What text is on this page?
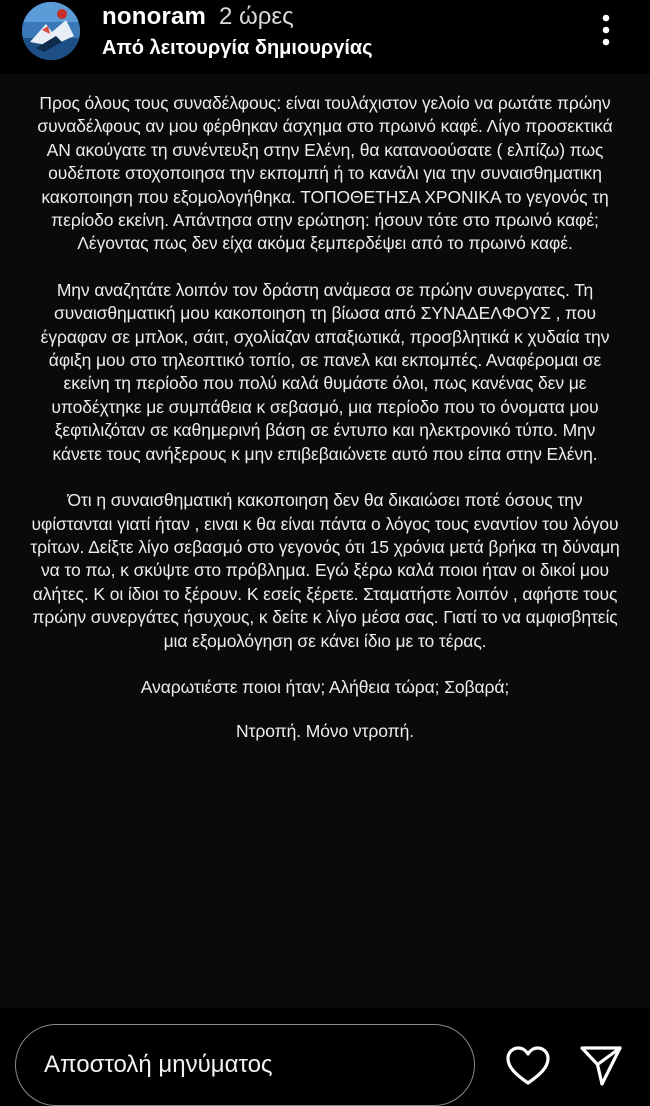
nonoram 2 ώρες
Από λειτουργία δημιουργίας

Προς όλους τους συναδέλφους: είναι τουλάχιστον γελοίο να ρωτάτε πρώην συναδέλφους αν μου φέρθηκαν άσχημα στο πρωινό καφέ. Λίγο προσεκτικά ΑΝ ακούγατε τη συνέντευξη στην Ελένη, θα κατανοούσατε ( ελπίζω) πως ουδέποτε στοχοποιησα την εκπομπή ή το κανάλι για την συναισθηματικη κακοποιηση που εξομολογήθηκα. ΤΟΠΟΘΕΤΗΣΑ ΧΡΟΝΙΚΑ το γεγονός τη περίοδο εκείνη. Απάντησα στην ερώτηση: ήσουν τότε στο πρωινό καφέ; Λέγοντας πως δεν είχα ακόμα ξεμπερδέψει από το πρωινό καφέ.

Μην αναζητάτε λοιπόν τον δράστη ανάμεσα σε πρώην συνεργατες. Τη συναισθηματική μου κακοποιηση τη βίωσα από ΣΥΝΑΔΕΛΦΟΥΣ , που έγραφαν σε μπλοκ, σάιτ, σχολίαζαν απαξιωτικά, προσβλητικά κ χυδαία την άφιξη μου στο τηλεοπτικό τοπίο, σε πανελ και εκπομπές. Αναφέρομαι σε εκείνη τη περίοδο που πολύ καλά θυμάστε όλοι, πως κανένας δεν με υποδέχτηκε με συμπάθεια κ σεβασμό, μια περίοδο που το όνοματα μου ξεφτιλιζόταν σε καθημερινή βάση σε έντυπο και ηλεκτρονικό τύπο. Μην κάνετε τους ανήξερους κ μην επιβεβαιώνετε αυτό που είπα στην Ελένη.

Ότι η συναισθηματική κακοποιηση δεν θα δικαιώσει ποτέ όσους την υφίστανται γιατί ήταν , ειναι κ θα είναι πάντα ο λόγος τους εναντίον του λόγου τρίτων. Δείξτε λίγο σεβασμό στο γεγονός ότι 15 χρόνια μετά βρήκα τη δύναμη να το πω, κ σκύψτε στο πρόβλημα. Εγώ ξέρω καλά ποιοι ήταν οι δικοί μου αλήτες. Κ οι ίδιοι το ξέρουν. Κ εσείς ξέρετε. Σταματήστε λοιπόν , αφήστε τους πρώην συνεργάτες ήσυχους, κ δείτε κ λίγο μέσα σας. Γιατί το να αμφισβητείς μια εξομολόγηση σε κάνει ίδιο με το τέρας.

Αναρωτιέστε ποιοι ήταν; Αλήθεια τώρα; Σοβαρά;

Ντροπή. Μόνο ντροπή.

Αποστολή μηνύματος
